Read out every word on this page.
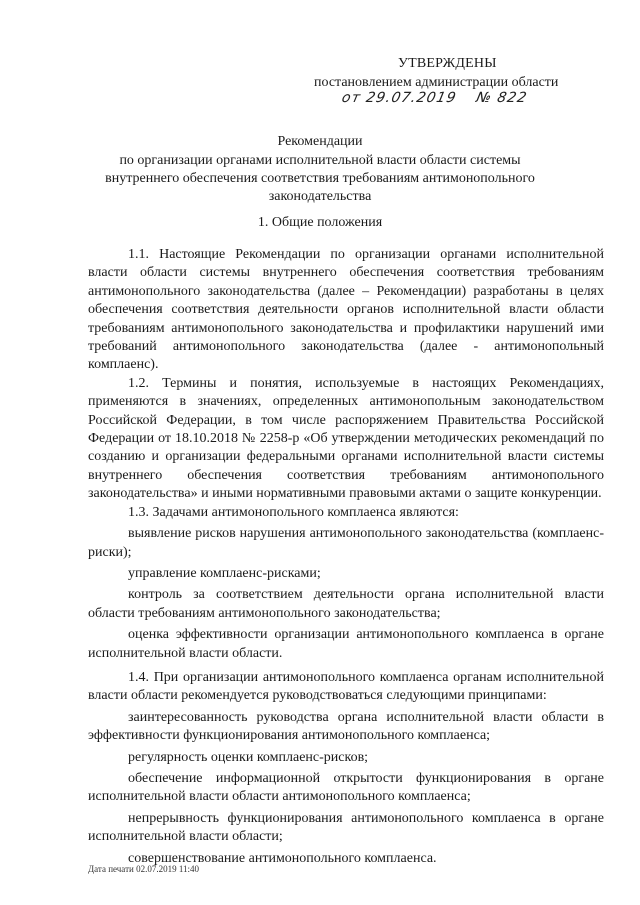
УТВЕРЖДЕНЫ

постановлением администрации области

от 29.07.2019 № 822

Рекомендации

по организации органами исполнительной власти области системы

внутреннего обеспечения соответствия требованиям антимонопольного

законодательства

1. Общие положения

1.1. Настоящие Рекомендации по организации органами исполнительной власти области системы внутреннего обеспечения соответствия требованиям антимонопольного законодательства (далее – Рекомендации) разработаны в целях обеспечения соответствия деятельности органов исполнительной власти области требованиям антимонопольного законодательства и профилактики нарушений ими требований антимонопольного законодательства (далее - антимонопольный комплаенс).

1.2. Термины и понятия, используемые в настоящих Рекомендациях, применяются в значениях, определенных антимонопольным законодательством Российской Федерации, в том числе распоряжением Правительства Российской Федерации от 18.10.2018 № 2258-р «Об утверждении методических рекомендаций по созданию и организации федеральными органами исполнительной власти системы внутреннего обеспечения соответствия требованиям антимонопольного законодательства» и иными нормативными правовыми актами о защите конкуренции.

1.3. Задачами антимонопольного комплаенса являются:

выявление рисков нарушения антимонопольного законодательства (комплаенс-риски);

управление комплаенс-рисками;

контроль за соответствием деятельности органа исполнительной власти области требованиям антимонопольного законодательства;

оценка эффективности организации антимонопольного комплаенса в органе исполнительной власти области.

1.4. При организации антимонопольного комплаенса органам исполнительной власти области рекомендуется руководствоваться следующими принципами:

заинтересованность руководства органа исполнительной власти области в эффективности функционирования антимонопольного комплаенса;

регулярность оценки комплаенс-рисков;

обеспечение информационной открытости функционирования в органе исполнительной власти области антимонопольного комплаенса;

непрерывность функционирования антимонопольного комплаенса в органе исполнительной власти области;

совершенствование антимонопольного комплаенса.

Дата печати 02.07.2019 11:40
